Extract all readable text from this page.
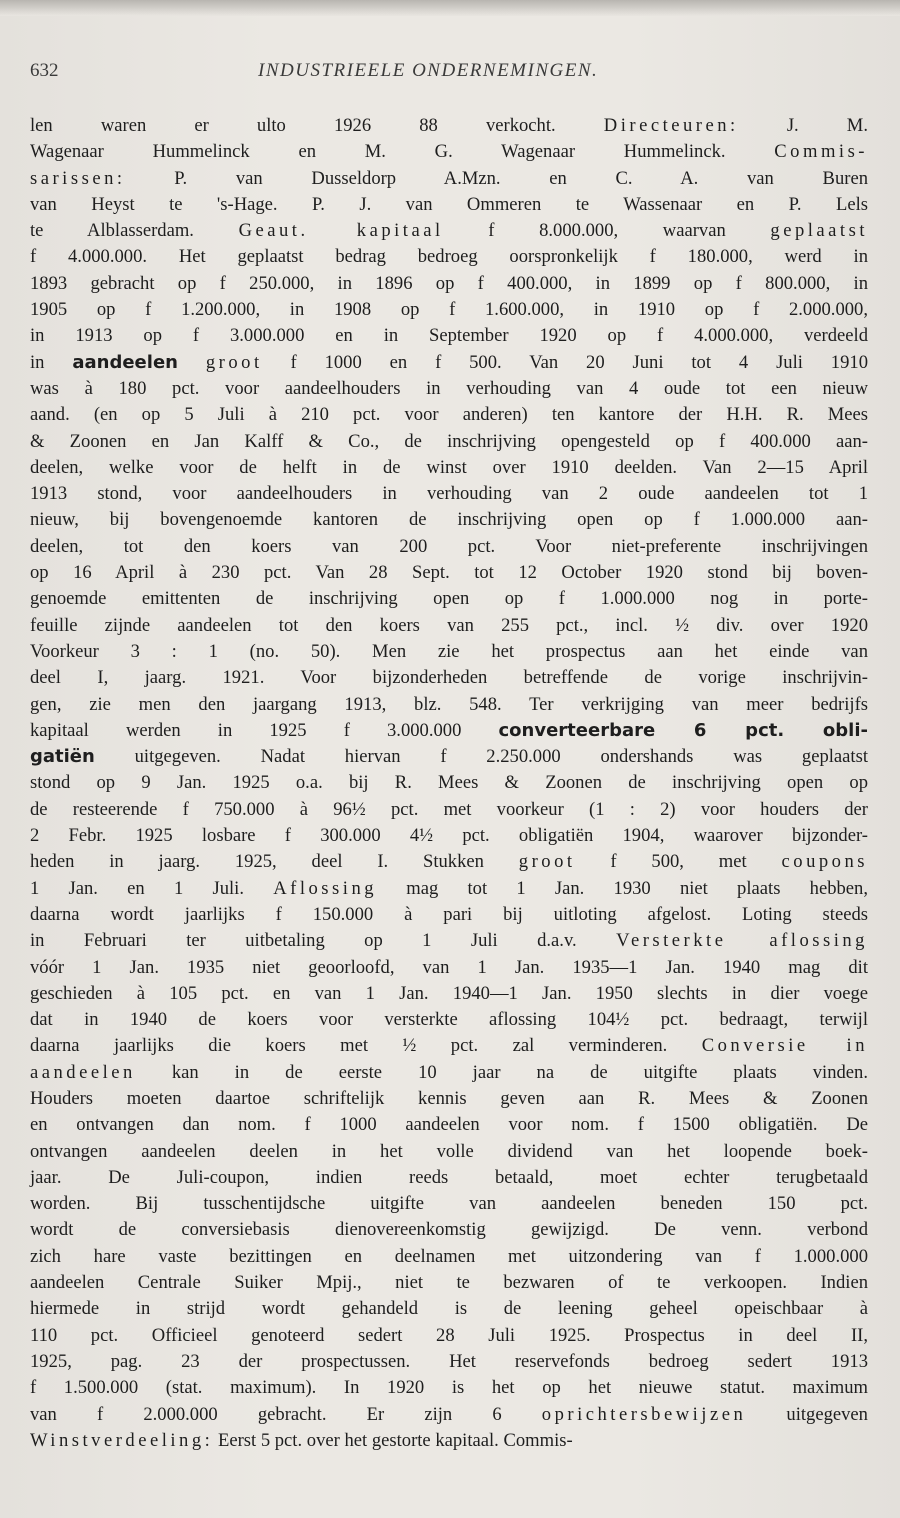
632	INDUSTRIEELE ONDERNEMINGEN.
len waren er ulto 1926 88 verkocht. Directeuren: J. M.
Wagenaar Hummelinck en M. G. Wagenaar Hummelinck. Commis-
sarissen: P. van Dusseldorp A.Mzn. en C. A. van Buren
van Heyst te 's-Hage. P. J. van Ommeren te Wassenaar en P. Lels
te Alblasserdam. Geaut. kapitaal f 8.000.000, waarvan geplaatst
f 4.000.000. Het geplaatst bedrag bedroeg oorspronkelijk f 180.000, werd in
1893 gebracht op f 250.000, in 1896 op f 400.000, in 1899 op f 800.000, in
1905 op f 1.200.000, in 1908 op f 1.600.000, in 1910 op f 2.000.000,
in 1913 op f 3.000.000 en in September 1920 op f 4.000.000, verdeeld
in aandeelen groot f 1000 en f 500. Van 20 Juni tot 4 Juli 1910
was à 180 pct. voor aandeelhouders in verhouding van 4 oude tot een nieuw
aand. (en op 5 Juli à 210 pct. voor anderen) ten kantore der H.H. R. Mees
& Zoonen en Jan Kalff & Co., de inschrijving opengesteld op f 400.000 aan-
deelen, welke voor de helft in de winst over 1910 deelden. Van 2—15 April
1913 stond, voor aandeelhouders in verhouding van 2 oude aandeelen tot 1
nieuw, bij bovengenoemde kantoren de inschrijving open op f 1.000.000 aan-
deelen, tot den koers van 200 pct. Voor niet-preferente inschrijvingen
op 16 April à 230 pct. Van 28 Sept. tot 12 October 1920 stond bij boven-
genoemde emittenten de inschrijving open op f 1.000.000 nog in porte-
feuille zijnde aandeelen tot den koers van 255 pct., incl. ½ div. over 1920
Voorkeur 3 : 1 (no. 50). Men zie het prospectus aan het einde van
deel I, jaarg. 1921. Voor bijzonderheden betreffende de vorige inschrijvin-
gen, zie men den jaargang 1913, blz. 548. Ter verkrijging van meer bedrijfs
kapitaal werden in 1925 f 3.000.000 converteerbare 6 pct. obli-
gatiën uitgegeven. Nadat hiervan f 2.250.000 ondershands was geplaatst
stond op 9 Jan. 1925 o.a. bij R. Mees & Zoonen de inschrijving open op
de resteerende f 750.000 à 96½ pct. met voorkeur (1 : 2) voor houders der
2 Febr. 1925 losbare f 300.000 4½ pct. obligatiën 1904, waarover bijzonder-
heden in jaarg. 1925, deel I. Stukken groot f 500, met coupons
1 Jan. en 1 Juli. Aflossing mag tot 1 Jan. 1930 niet plaats hebben,
daarna wordt jaarlijks f 150.000 à pari bij uitloting afgelost. Loting steeds
in Februari ter uitbetaling op 1 Juli d.a.v. Versterkte aflossing
vóór 1 Jan. 1935 niet geoorloofd, van 1 Jan. 1935—1 Jan. 1940 mag dit
geschieden à 105 pct. en van 1 Jan. 1940—1 Jan. 1950 slechts in dier voege
dat in 1940 de koers voor versterkte aflossing 104½ pct. bedraagt, terwijl
daarna jaarlijks die koers met ½ pct. zal verminderen. Conversie in
aandeelen kan in de eerste 10 jaar na de uitgifte plaats vinden.
Houders moeten daartoe schriftelijk kennis geven aan R. Mees & Zoonen
en ontvangen dan nom. f 1000 aandeelen voor nom. f 1500 obligatiën. De
ontvangen aandeelen deelen in het volle dividend van het loopende boek-
jaar. De Juli-coupon, indien reeds betaald, moet echter terugbetaald
worden. Bij tusschentijdsche uitgifte van aandeelen beneden 150 pct.
wordt de conversiebasis dienovereenkomstig gewijzigd. De venn. verbond
zich hare vaste bezittingen en deelnamen met uitzondering van f 1.000.000
aandeelen Centrale Suiker Mpij., niet te bezwaren of te verkoopen. Indien
hiermede in strijd wordt gehandeld is de leening geheel opeischbaar à
110 pct. Officieel genoteerd sedert 28 Juli 1925. Prospectus in deel II,
1925, pag. 23 der prospectussen. Het reservefonds bedroeg sedert 1913
f 1.500.000 (stat. maximum). In 1920 is het op het nieuwe statut. maximum
van f 2.000.000 gebracht. Er zijn 6 oprichtersbewijzen uitgegeven
Winstverdeeling: Eerst 5 pct. over het gestorte kapitaal. Commis-
